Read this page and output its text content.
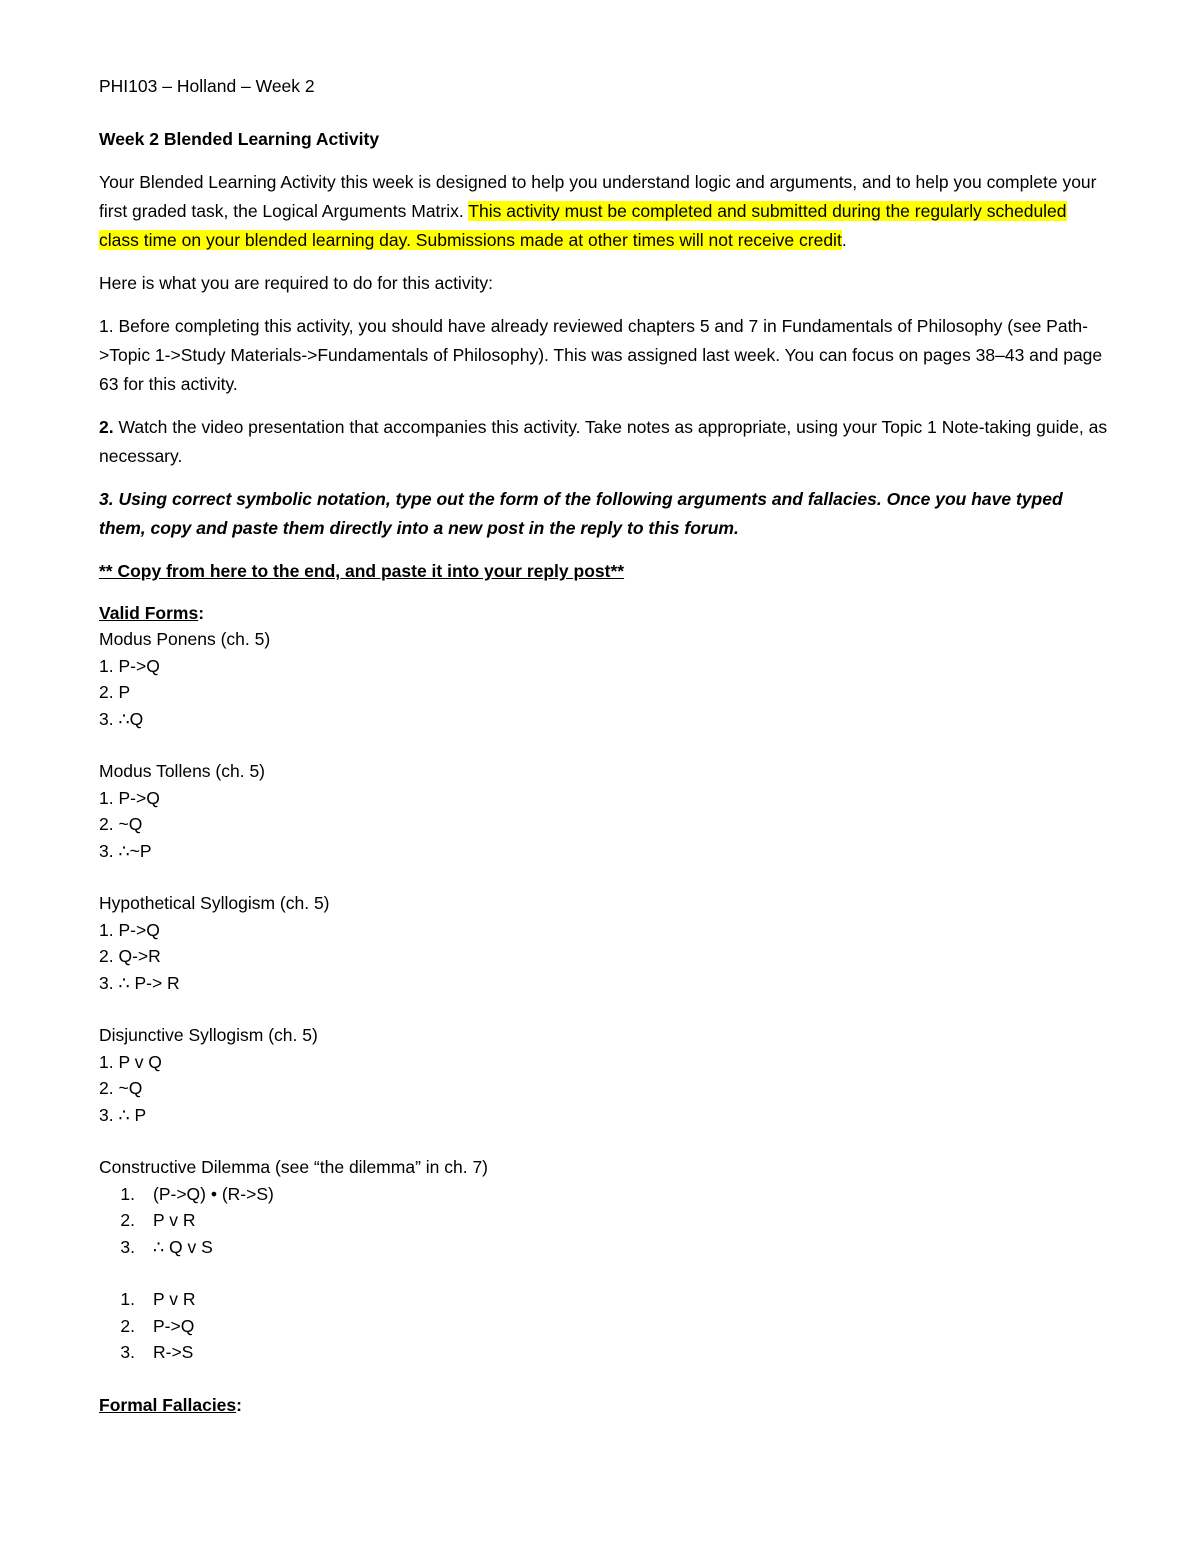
PHI103 – Holland – Week 2

Week 2 Blended Learning Activity

Your Blended Learning Activity this week is designed to help you understand logic and arguments, and to help you complete your first graded task, the Logical Arguments Matrix. This activity must be completed and submitted during the regularly scheduled class time on your blended learning day. Submissions made at other times will not receive credit.

Here is what you are required to do for this activity:

1. Before completing this activity, you should have already reviewed chapters 5 and 7 in Fundamentals of Philosophy (see Path->Topic 1->Study Materials->Fundamentals of Philosophy). This was assigned last week. You can focus on pages 38–43 and page 63 for this activity.

2. Watch the video presentation that accompanies this activity. Take notes as appropriate, using your Topic 1 Note-taking guide, as necessary.

3. Using correct symbolic notation, type out the form of the following arguments and fallacies. Once you have typed them, copy and paste them directly into a new post in the reply to this forum.

** Copy from here to the end, and paste it into your reply post**

Valid Forms:
Modus Ponens (ch. 5)
1. P->Q
2. P
3. ∴Q
Modus Tollens (ch. 5)
1. P->Q
2. ~Q
3. ∴~P
Hypothetical Syllogism (ch. 5)
1. P->Q
2. Q->R
3. ∴ P-> R
Disjunctive Syllogism (ch. 5)
1. P v Q
2. ~Q
3. ∴ P
Constructive Dilemma (see “the dilemma” in ch. 7)
1.	(P->Q) • (R->S)
2.	P v R
3.	∴ Q v S
1.	P v R
2.	P->Q
3.	R->S
Formal Fallacies:
